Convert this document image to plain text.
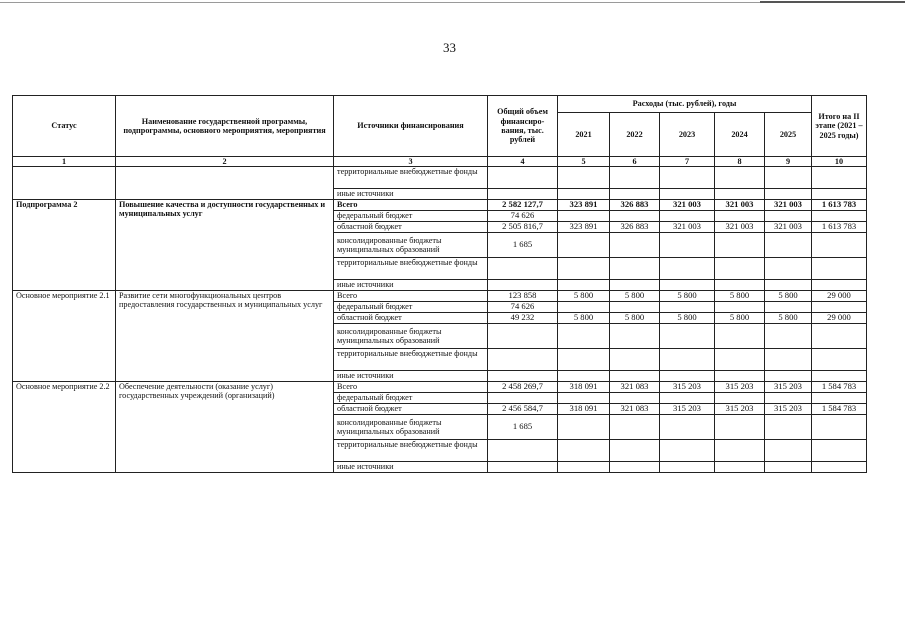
33
Статус	Наименование государственной программы, подпрограммы, основного мероприятия, мероприятия	Источники финансирования	Общий объем финансиро-вания, тыс. рублей	Расходы (тыс. рублей), годы					Итого на II этапе (2021 – 2025 годы)
				2021	2022	2023	2024	2025	
1	2	3	4	5	6	7	8	9	10
		территориальные внебюджетные фонды							
		иные источники							
Подпрограмма 2	Повышение качества и доступности государственных и муниципальных услуг	Всего	2 582 127,7	323 891	326 883	321 003	321 003	321 003	1 613 783
		федеральный бюджет	74 626						
		областной бюджет	2 505 816,7	323 891	326 883	321 003	321 003	321 003	1 613 783
		консолидированные бюджеты муниципальных образований	1 685						
		территориальные внебюджетные фонды							
		иные источники							
Основное мероприятие 2.1	Развитие сети многофункциональных центров предоставления государственных и муниципальных услуг	Всего	123 858	5 800	5 800	5 800	5 800	5 800	29 000
		федеральный бюджет	74 626						
		областной бюджет	49 232	5 800	5 800	5 800	5 800	5 800	29 000
		консолидированные бюджеты муниципальных образований							
		территориальные внебюджетные фонды							
		иные источники							
Основное мероприятие 2.2	Обеспечение деятельности (оказание услуг) государственных учреждений (организаций)	Всего	2 458 269,7	318 091	321 083	315 203	315 203	315 203	1 584 783
		федеральный бюджет							
		областной бюджет	2 456 584,7	318 091	321 083	315 203	315 203	315 203	1 584 783
		консолидированные бюджеты муниципальных образований	1 685						
		территориальные внебюджетные фонды							
		иные источники							
